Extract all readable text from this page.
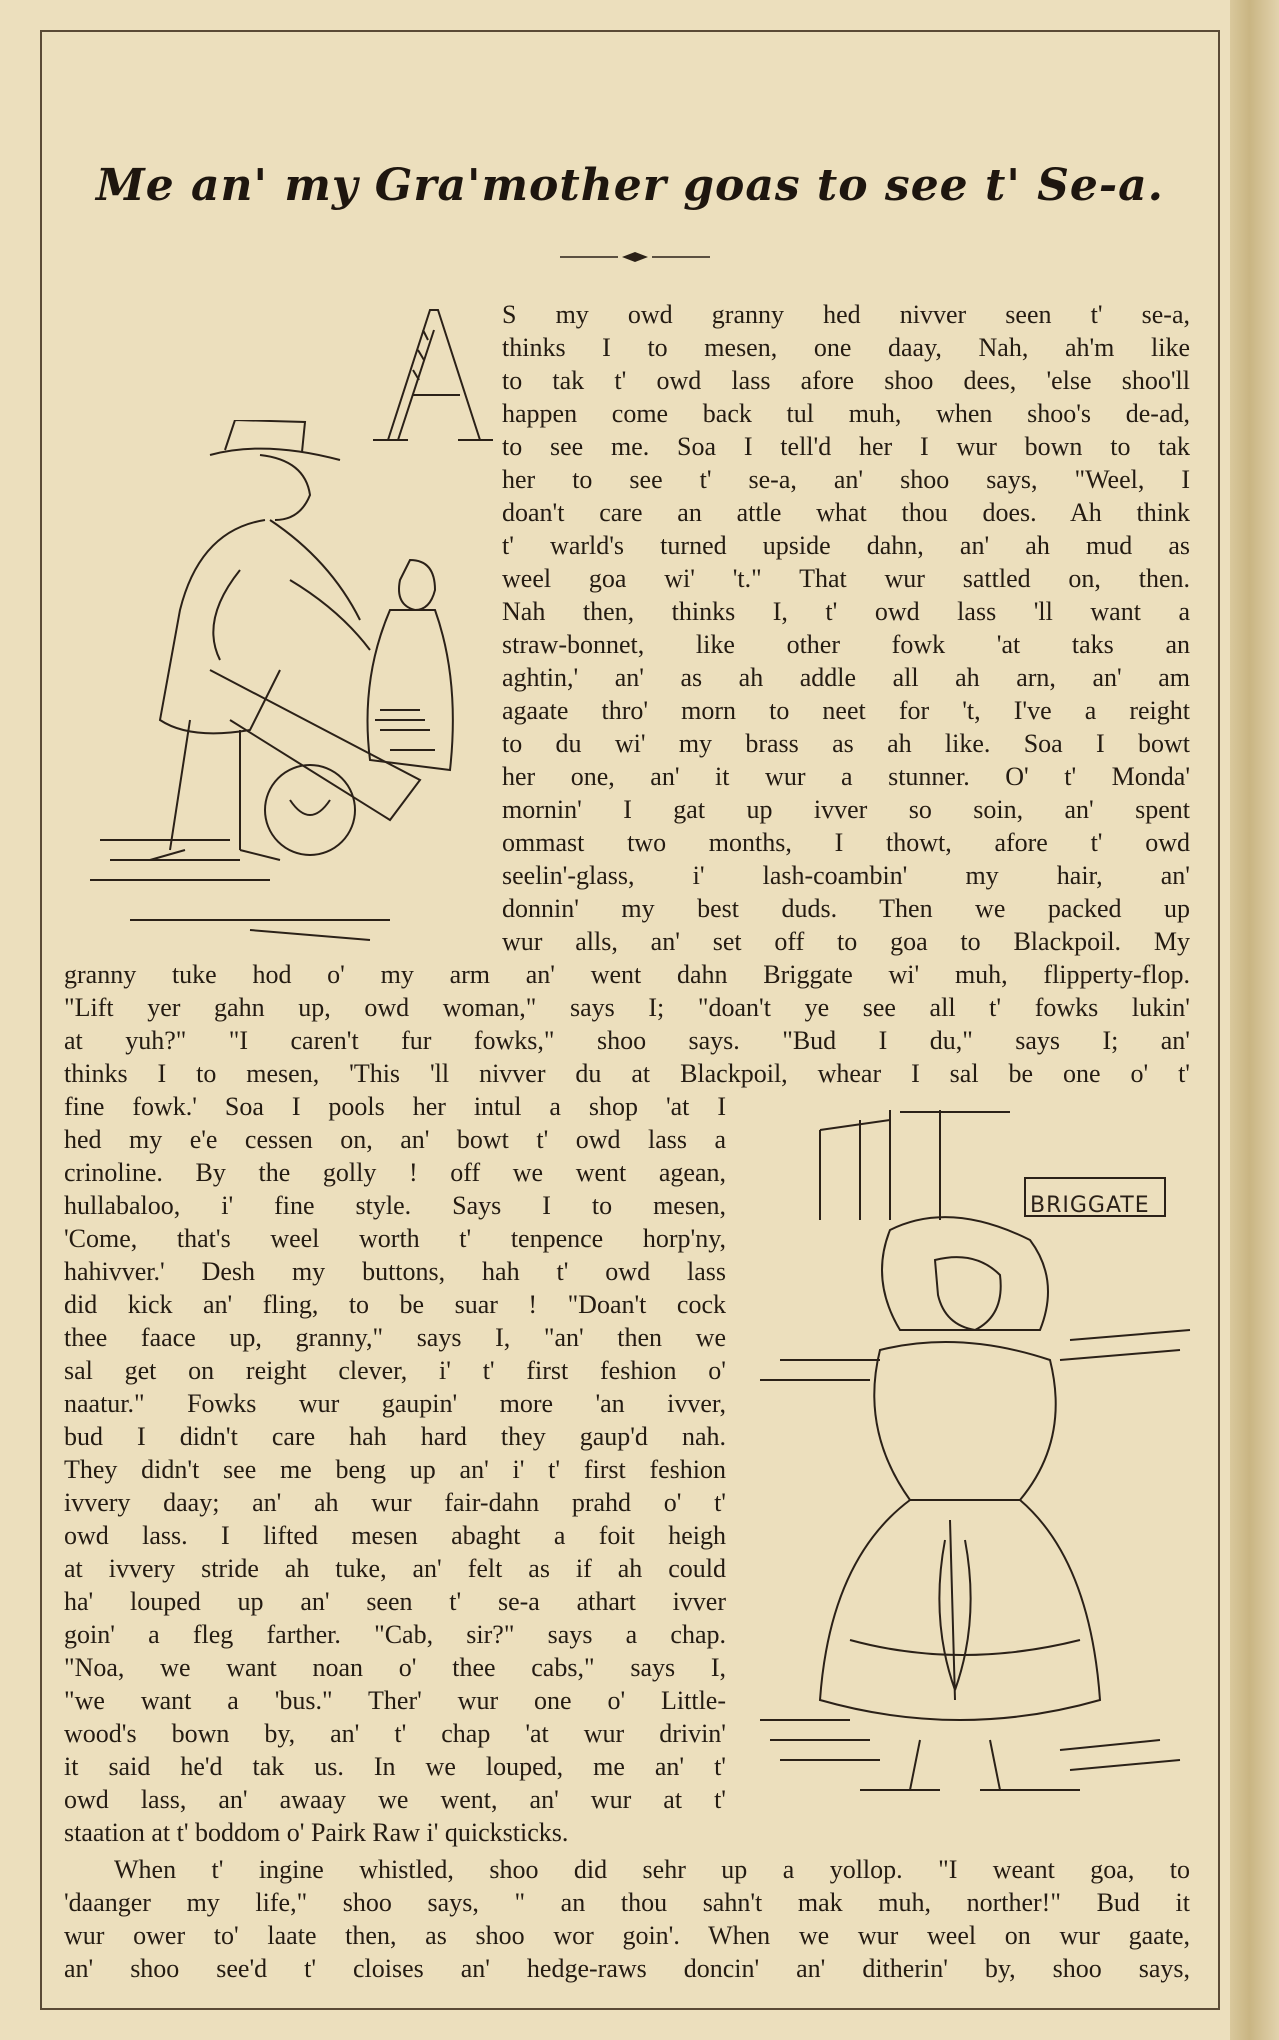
Me an' my Gra'mother goas to see t' Se-a.
BRIGGATE
S my owd granny hed nivver seen t' se-a,
thinks I to mesen, one daay, Nah, ah'm like
to tak t' owd lass afore shoo dees, 'else shoo'll
happen come back tul muh, when shoo's de-ad,
to see me. Soa I tell'd her I wur bown to tak
her to see t' se-a, an' shoo says, "Weel, I
doan't care an attle what thou does. Ah think
t' warld's turned upside dahn, an' ah mud as
weel goa wi' 't." That wur sattled on, then.
Nah then, thinks I, t' owd lass 'll want a
straw-bonnet, like other fowk 'at taks an
aghtin,' an' as ah addle all ah arn, an' am
agaate thro' morn to neet for 't, I've a reight
to du wi' my brass as ah like. Soa I bowt
her one, an' it wur a stunner. O' t' Monda'
mornin' I gat up ivver so soin, an' spent
ommast two months, I thowt, afore t' owd
seelin'-glass, i' lash-coambin' my hair, an'
donnin' my best duds. Then we packed up
wur alls, an' set off to goa to Blackpoil. My
granny tuke hod o' my arm an' went dahn Briggate wi' muh, flipperty-flop.
"Lift yer gahn up, owd woman," says I; "doan't ye see all t' fowks lukin'
at yuh?" "I caren't fur fowks," shoo says. "Bud I du," says I; an'
thinks I to mesen, 'This 'll nivver du at Blackpoil, whear I sal be one o' t'
fine fowk.' Soa I pools her intul a shop 'at I
hed my e'e cessen on, an' bowt t' owd lass a
crinoline. By the golly ! off we went agean,
hullabaloo, i' fine style. Says I to mesen,
'Come, that's weel worth t' tenpence horp'ny,
hahivver.' Desh my buttons, hah t' owd lass
did kick an' fling, to be suar ! "Doan't cock
thee faace up, granny," says I, "an' then we
sal get on reight clever, i' t' first feshion o'
naatur." Fowks wur gaupin' more 'an ivver,
bud I didn't care hah hard they gaup'd nah.
They didn't see me beng up an' i' t' first feshion
ivvery daay; an' ah wur fair-dahn prahd o' t'
owd lass. I lifted mesen abaght a foit heigh
at ivvery stride ah tuke, an' felt as if ah could
ha' louped up an' seen t' se-a athart ivver
goin' a fleg farther. "Cab, sir?" says a chap.
"Noa, we want noan o' thee cabs," says I,
"we want a 'bus." Ther' wur one o' Little-
wood's bown by, an' t' chap 'at wur drivin'
it said he'd tak us. In we louped, me an' t'
owd lass, an' awaay we went, an' wur at t'
staation at t' boddom o' Pairk Raw i' quicksticks.
When t' ingine whistled, shoo did sehr up a yollop. "I weant goa, to
'daanger my life," shoo says, " an thou sahn't mak muh, norther!" Bud it
wur ower to' laate then, as shoo wor goin'. When we wur weel on wur gaate,
an' shoo see'd t' cloises an' hedge-raws doncin' an' ditherin' by, shoo says,
